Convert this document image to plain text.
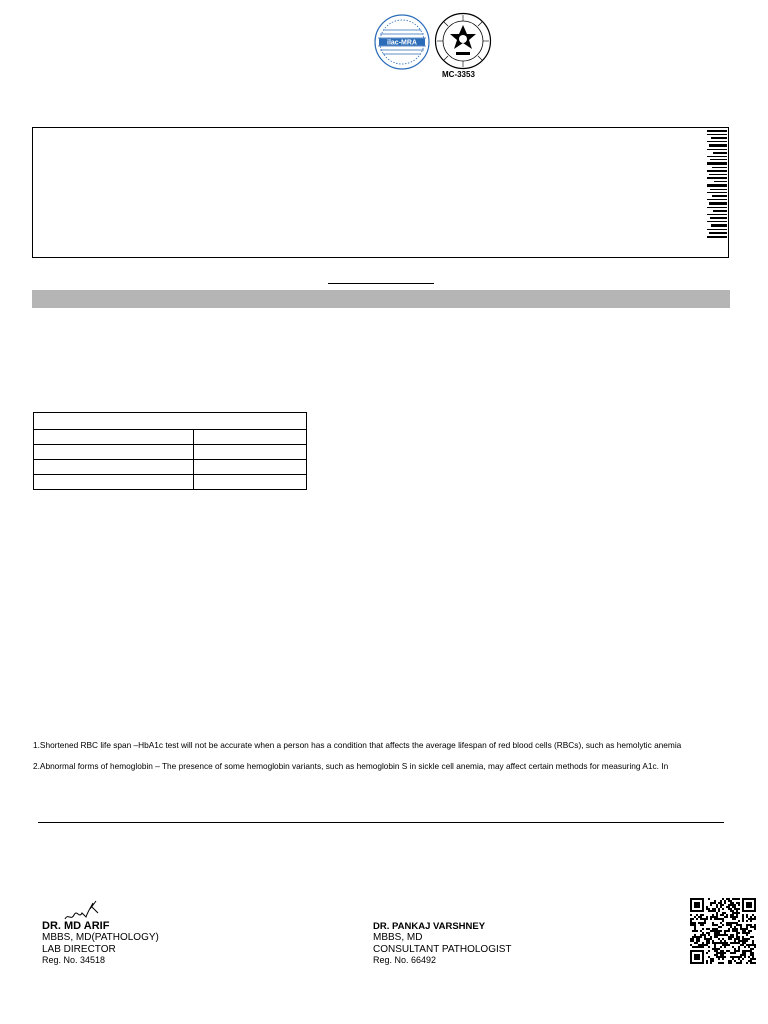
ilac-MRA
MC-3353

1.Shortened RBC life span –HbA1c test will not be accurate when a person has a condition that affects the average lifespan of red blood cells (RBCs), such as hemolytic anemia
2.Abnormal forms of hemoglobin – The presence of some hemoglobin variants, such as hemoglobin S in sickle cell anemia, may affect certain methods for measuring A1c. In
DR. MD ARIF
MBBS, MD(PATHOLOGY)
LAB DIRECTOR
Reg. No. 34518
DR. PANKAJ VARSHNEY
MBBS, MD
CONSULTANT PATHOLOGIST
Reg. No. 66492
